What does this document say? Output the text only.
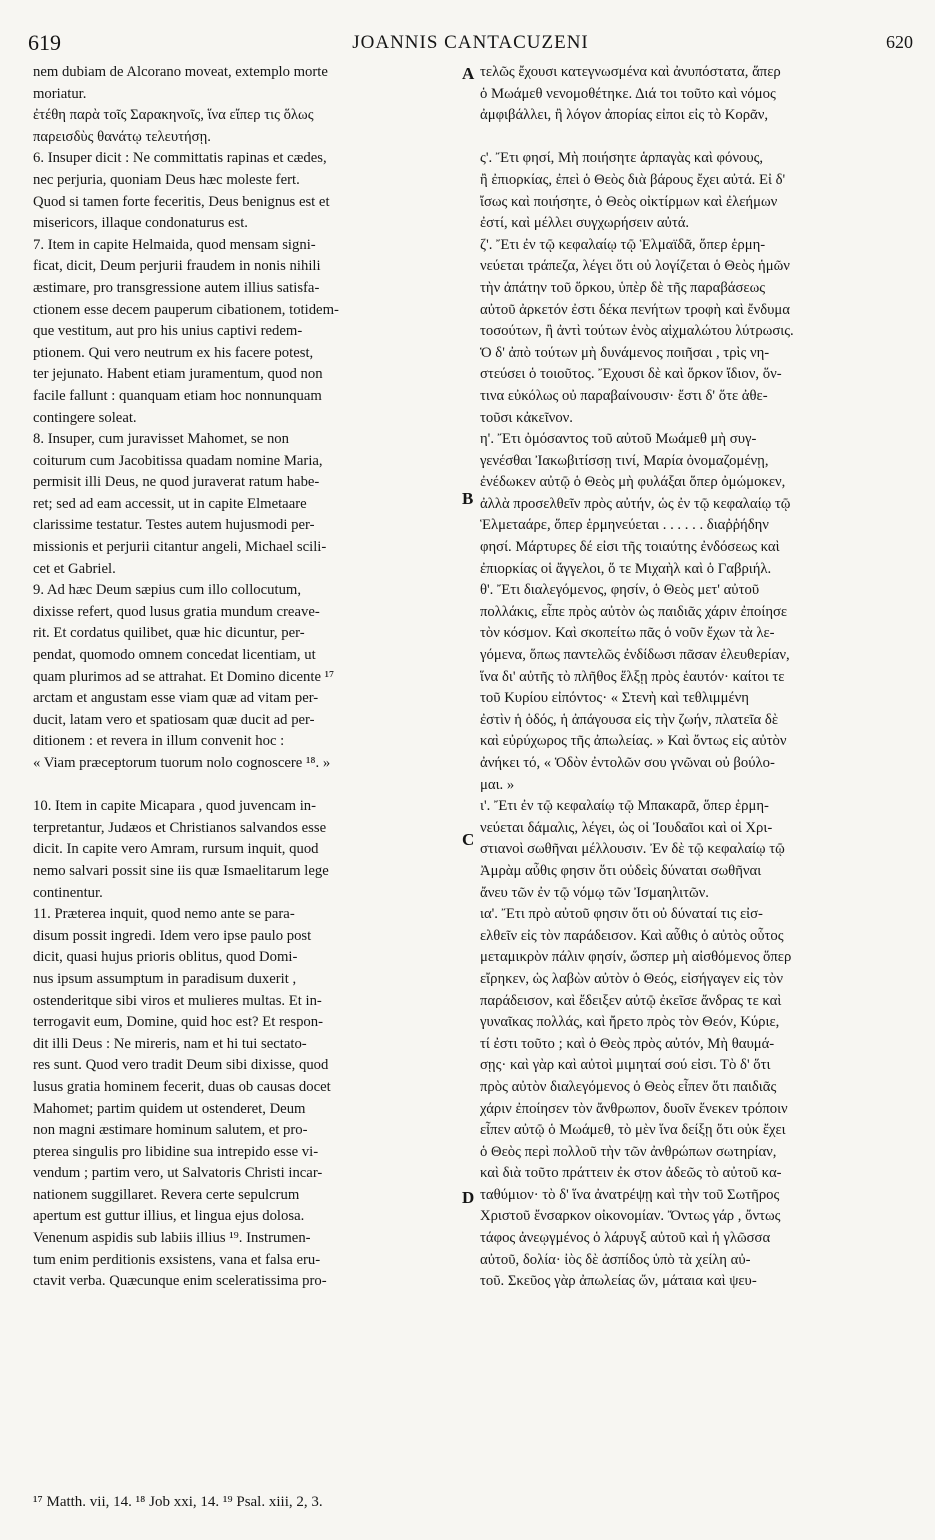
619	JOANNIS CANTACUZENI	620
nem dubiam de Alcorano moveat, extemplo morte
moriatur.
ἐτέθη παρὰ τοῖς Σαρακηνοῖς, ἵνα εἴπερ τις ὅλως
παρεισδὺς θανάτῳ τελευτήσῃ.
6. Insuper dicit : Ne committatis rapinas et cædes,
nec perjuria, quoniam Deus hæc moleste fert.
Quod si tamen forte feceritis, Deus benignus est et
misericors, illaque condonaturus est.
7. Item in capite Helmaida, quod mensam signi-
ficat, dicit, Deum perjurii fraudem in nonis nihili
æstimare, pro transgressione autem illius satisfa-
ctionem esse decem pauperum cibationem, totidem-
que vestitum, aut pro his unius captivi redem-
ptionem. Qui vero neutrum ex his facere potest,
ter jejunato. Habent etiam juramentum, quod non
facile fallunt : quanquam etiam hoc nonnunquam
contingere soleat.
8. Insuper, cum juravisset Mahomet, se non
coiturum cum Jacobitissa quadam nomine Maria,
permisit illi Deus, ne quod juraverat ratum habe-
ret; sed ad eam accessit, ut in capite Elmetaare
clarissime testatur. Testes autem hujusmodi per-
missionis et perjurii citantur angeli, Michael scili-
cet et Gabriel.
9. Ad hæc Deum sæpius cum illo collocutum,
dixisse refert, quod lusus gratia mundum creave-
rit. Et cordatus quilibet, quæ hic dicuntur, per-
pendat, quomodo omnem concedat licentiam, ut
quam plurimos ad se attrahat. Et Domino dicente ¹⁷
arctam et angustam esse viam quæ ad vitam per-
ducit, latam vero et spatiosam quæ ducit ad per-
ditionem : et revera in illum convenit hoc :
« Viam præceptorum tuorum nolo cognoscere ¹⁸. »
10. Item in capite Micapara , quod juvencam in-
terpretantur, Judæos et Christianos salvandos esse
dicit. In capite vero Amram, rursum inquit, quod
nemo salvari possit sine iis quæ Ismaelitarum lege
continentur.
11. Præterea inquit, quod nemo ante se para-
disum possit ingredi. Idem vero ipse paulo post
dicit, quasi hujus prioris oblitus, quod Domi-
nus ipsum assumptum in paradisum duxerit ,
ostenderitque sibi viros et mulieres multas. Et in-
terrogavit eum, Domine, quid hoc est? Et respon-
dit illi Deus : Ne mireris, nam et hi tui sectato-
res sunt. Quod vero tradit Deum sibi dixisse, quod
lusus gratia hominem fecerit, duas ob causas docet
Mahomet; partim quidem ut ostenderet, Deum
non magni æstimare hominum salutem, et pro-
pterea singulis pro libidine sua intrepido esse vi-
vendum ; partim vero, ut Salvatoris Christi incar-
nationem suggillaret. Revera certe sepulcrum
apertum est guttur illius, et lingua ejus dolosa.
Venenum aspidis sub labiis illius ¹⁹. Instrumen-
tum enim perditionis exsistens, vana et falsa eru-
ctavit verba. Quæcunque enim sceleratissima pro-
τελῶς ἔχουσι κατεγνωσμένα καὶ ἀνυπόστατα, ἅπερ
ὁ Μωάμεθ νενομοθέτηκε. Διά τοι τοῦτο καὶ νόμος
ἀμφιβάλλει, ἢ λόγον ἀπορίας εἰποι εἰς τὸ Κορᾶν,
ς'. Ἔτι φησί, Μὴ ποιήσητε ἁρπαγὰς καὶ φόνους,
ἢ ἐπιορκίας, ἐπεὶ ὁ Θεὸς διὰ βάρους ἔχει αὐτά. Εἰ δ'
ἴσως καὶ ποιήσητε, ὁ Θεὸς οἰκτίρμων καὶ ἐλεήμων
ἐστί, καὶ μέλλει συγχωρήσειν αὐτά.
ζ'. Ἔτι ἐν τῷ κεφαλαίῳ τῷ Ἑλμαϊδᾶ, ὅπερ ἑρμη-
νεύεται τράπεζα, λέγει ὅτι οὐ λογίζεται ὁ Θεὸς ἡμῶν
τὴν ἀπάτην τοῦ ὅρκου, ὑπὲρ δὲ τῆς παραβάσεως
αὐτοῦ ἀρκετόν ἐστι δέκα πενήτων τροφὴ καὶ ἔνδυμα
τοσούτων, ἢ ἀντὶ τούτων ἑνὸς αἰχμαλώτου λύτρωσις.
Ὁ δ' ἀπὸ τούτων μὴ δυνάμενος ποιῆσαι , τρὶς νη-
στεύσει ὁ τοιοῦτος. Ἔχουσι δὲ καὶ ὅρκον ἴδιον, ὅν-
τινα εὐκόλως οὐ παραβαίνουσιν· ἔστι δ' ὅτε ἀθε-
τοῦσι κἀκεῖνον.
η'. Ἔτι ὀμόσαντος τοῦ αὐτοῦ Μωάμεθ μὴ συγ-
γενέσθαι Ἰακωβιτίσσῃ τινί, Μαρία ὀνομαζομένῃ,
ἐνέδωκεν αὐτῷ ὁ Θεὸς μὴ φυλάξαι ὅπερ ὀμώμοκεν,
ἀλλὰ προσελθεῖν πρὸς αὐτήν, ὡς ἐν τῷ κεφαλαίῳ τῷ
Ἑλμεταάρε, ὅπερ ἑρμηνεύεται . . . . . . διαῤῥήδην
φησί. Μάρτυρες δέ εἰσι τῆς τοιαύτης ἐνδόσεως καὶ
ἐπιορκίας οἱ ἄγγελοι, ὅ τε Μιχαὴλ καὶ ὁ Γαβριήλ.
θ'. Ἔτι διαλεγόμενος, φησίν, ὁ Θεὸς μετ' αὐτοῦ
πολλάκις, εἶπε πρὸς αὐτὸν ὡς παιδιᾶς χάριν ἐποίησε
τὸν κόσμον. Καὶ σκοπείτω πᾶς ὁ νοῦν ἔχων τὰ λε-
γόμενα, ὅπως παντελῶς ἐνδίδωσι πᾶσαν ἐλευθερίαν,
ἵνα δι' αὐτῆς τὸ πλῆθος ἕλξῃ πρὸς ἑαυτόν· καίτοι τε
τοῦ Κυρίου εἰπόντος· « Στενὴ καὶ τεθλιμμένη
ἐστὶν ἡ ὁδός, ἡ ἀπάγουσα εἰς τὴν ζωήν, πλατεῖα δὲ
καὶ εὐρύχωρος τῆς ἀπωλείας. » Καὶ ὄντως εἰς αὐτὸν
ἀνήκει τό, « Ὁδὸν ἐντολῶν σου γνῶναι οὐ βούλο-
μαι. »
ι'. Ἔτι ἐν τῷ κεφαλαίῳ τῷ Μπακαρᾶ, ὅπερ ἑρμη-
νεύεται δάμαλις, λέγει, ὡς οἱ Ἰουδαῖοι καὶ οἱ Χρι-
στιανοὶ σωθῆναι μέλλουσιν. Ἐν δὲ τῷ κεφαλαίῳ τῷ
Ἀμρὰμ αὖθις φησιν ὅτι οὐδεὶς δύναται σωθῆναι
ἄνευ τῶν ἐν τῷ νόμῳ τῶν Ἰσμαηλιτῶν.
ια'. Ἔτι πρὸ αὐτοῦ φησιν ὅτι οὐ δύναταί τις εἰσ-
ελθεῖν εἰς τὸν παράδεισον. Καὶ αὖθις ὁ αὐτὸς οὗτος
μεταμικρὸν πάλιν φησίν, ὥσπερ μὴ αἰσθόμενος ὅπερ
εἴρηκεν, ὡς λαβὼν αὐτὸν ὁ Θεός, εἰσήγαγεν εἰς τὸν
παράδεισον, καὶ ἔδειξεν αὐτῷ ἐκεῖσε ἄνδρας τε καὶ
γυναῖκας πολλάς, καὶ ἤρετο πρὸς τὸν Θεόν, Κύριε,
τί ἐστι τοῦτο ; καὶ ὁ Θεὸς πρὸς αὐτόν, Μὴ θαυμά-
σῃς· καὶ γὰρ καὶ αὐτοὶ μιμηταί σού εἰσι. Τὸ δ' ὅτι
πρὸς αὐτὸν διαλεγόμενος ὁ Θεὸς εἶπεν ὅτι παιδιᾶς
χάριν ἐποίησεν τὸν ἄνθρωπον, δυοῖν ἕνεκεν τρόποιν
εἶπεν αὐτῷ ὁ Μωάμεθ, τὸ μὲν ἵνα δείξῃ ὅτι οὐκ ἔχει
ὁ Θεὸς περὶ πολλοῦ τὴν τῶν ἀνθρώπων σωτηρίαν,
καὶ διὰ τοῦτο πράττειν ἐκ στον ἀδεῶς τὸ αὐτοῦ κα-
ταθύμιον· τὸ δ' ἵνα ἀνατρέψῃ καὶ τὴν τοῦ Σωτῆρος
Χριστοῦ ἔνσαρκον οἰκονομίαν. Ὄντως γάρ , ὄντως
τάφος ἀνεῳγμένος ὁ λάρυγξ αὐτοῦ καὶ ἡ γλῶσσα
αὐτοῦ, δολία· ἰὸς δὲ ἀσπίδος ὑπὸ τὰ χείλη αὐ-
τοῦ. Σκεῦος γὰρ ἀπωλείας ὤν, μάταια καὶ ψευ-
A
B
C
D
¹⁷ Matth. vii, 14. ¹⁸ Job xxi, 14. ¹⁹ Psal. xiii, 2, 3.
